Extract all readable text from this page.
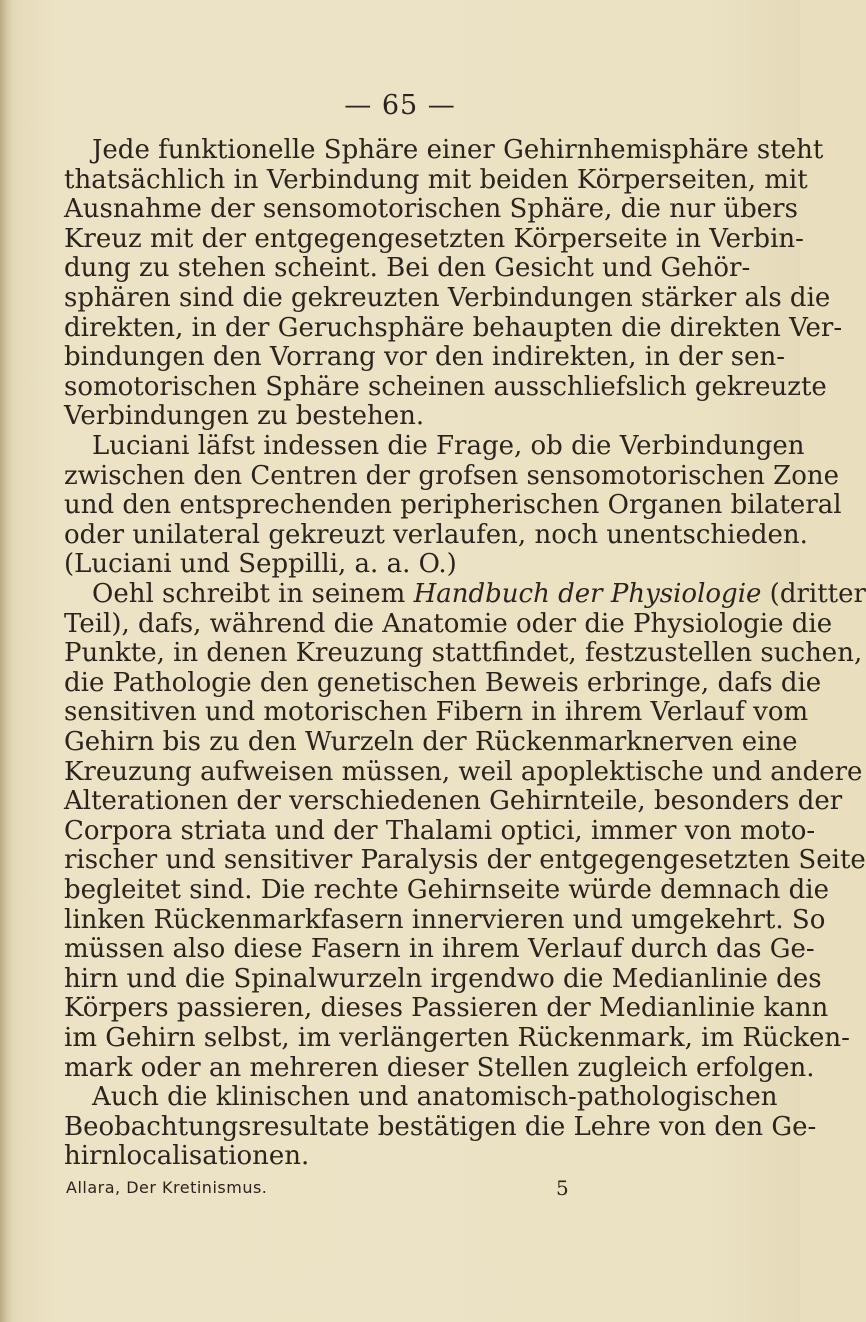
— 65 —
Jede funktionelle Sphäre einer Gehirnhemisphäre steht
thatsächlich in Verbindung mit beiden Körperseiten, mit
Ausnahme der sensomotorischen Sphäre, die nur übers
Kreuz mit der entgegengesetzten Körperseite in Verbin-
dung zu stehen scheint. Bei den Gesicht und Gehör-
sphären sind die gekreuzten Verbindungen stärker als die
direkten, in der Geruchsphäre behaupten die direkten Ver-
bindungen den Vorrang vor den indirekten, in der sen-
somotorischen Sphäre scheinen ausschliefslich gekreuzte
Verbindungen zu bestehen.
Luciani läfst indessen die Frage, ob die Verbindungen
zwischen den Centren der grofsen sensomotorischen Zone
und den entsprechenden peripherischen Organen bilateral
oder unilateral gekreuzt verlaufen, noch unentschieden.
(Luciani und Seppilli, a. a. O.)
Oehl schreibt in seinem Handbuch der Physiologie (dritter
Teil), dafs, während die Anatomie oder die Physiologie die
Punkte, in denen Kreuzung stattfindet, festzustellen suchen,
die Pathologie den genetischen Beweis erbringe, dafs die
sensitiven und motorischen Fibern in ihrem Verlauf vom
Gehirn bis zu den Wurzeln der Rückenmarknerven eine
Kreuzung aufweisen müssen, weil apoplektische und andere
Alterationen der verschiedenen Gehirnteile, besonders der
Corpora striata und der Thalami optici, immer von moto-
rischer und sensitiver Paralysis der entgegengesetzten Seite
begleitet sind. Die rechte Gehirnseite würde demnach die
linken Rückenmarkfasern innervieren und umgekehrt. So
müssen also diese Fasern in ihrem Verlauf durch das Ge-
hirn und die Spinalwurzeln irgendwo die Medianlinie des
Körpers passieren, dieses Passieren der Medianlinie kann
im Gehirn selbst, im verlängerten Rückenmark, im Rücken-
mark oder an mehreren dieser Stellen zugleich erfolgen.
Auch die klinischen und anatomisch-pathologischen
Beobachtungsresultate bestätigen die Lehre von den Ge-
hirnlocalisationen.
Allara, Der Kretinismus.	5
